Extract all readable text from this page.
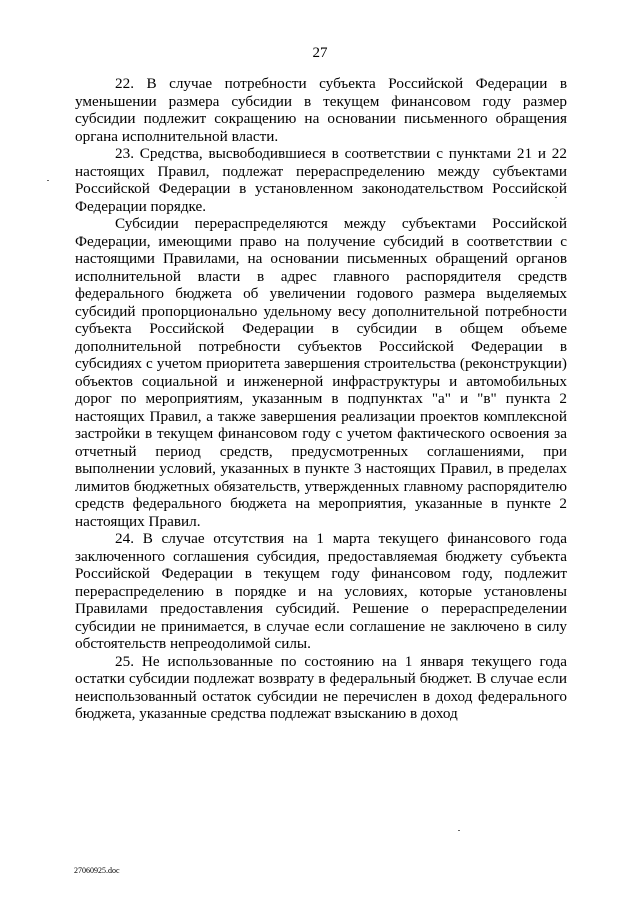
27

22. В случае потребности субъекта Российской Федерации в уменьшении размера субсидии в текущем финансовом году размер субсидии подлежит сокращению на основании письменного обращения органа исполнительной власти.

23. Средства, высвободившиеся в соответствии с пунктами 21 и 22 настоящих Правил, подлежат перераспределению между субъектами Российской Федерации в установленном законодательством Российской Федерации порядке.

Субсидии перераспределяются между субъектами Российской Федерации, имеющими право на получение субсидий в соответствии с настоящими Правилами, на основании письменных обращений органов исполнительной власти в адрес главного распорядителя средств федерального бюджета об увеличении годового размера выделяемых субсидий пропорционально удельному весу дополнительной потребности субъекта Российской Федерации в субсидии в общем объеме дополнительной потребности субъектов Российской Федерации в субсидиях с учетом приоритета завершения строительства (реконструкции) объектов социальной и инженерной инфраструктуры и автомобильных дорог по мероприятиям, указанным в подпунктах "а" и "в" пункта 2 настоящих Правил, а также завершения реализации проектов комплексной застройки в текущем финансовом году с учетом фактического освоения за отчетный период средств, предусмотренных соглашениями, при выполнении условий, указанных в пункте 3 настоящих Правил, в пределах лимитов бюджетных обязательств, утвержденных главному распорядителю средств федерального бюджета на мероприятия, указанные в пункте 2 настоящих Правил.

24. В случае отсутствия на 1 марта текущего финансового года заключенного соглашения субсидия, предоставляемая бюджету субъекта Российской Федерации в текущем году финансовом году, подлежит перераспределению в порядке и на условиях, которые установлены Правилами предоставления субсидий. Решение о перераспределении субсидии не принимается, в случае если соглашение не заключено в силу обстоятельств непреодолимой силы.

25. Не использованные по состоянию на 1 января текущего года остатки субсидии подлежат возврату в федеральный бюджет. В случае если неиспользованный остаток субсидии не перечислен в доход федерального бюджета, указанные средства подлежат взысканию в доход

27060925.doc
